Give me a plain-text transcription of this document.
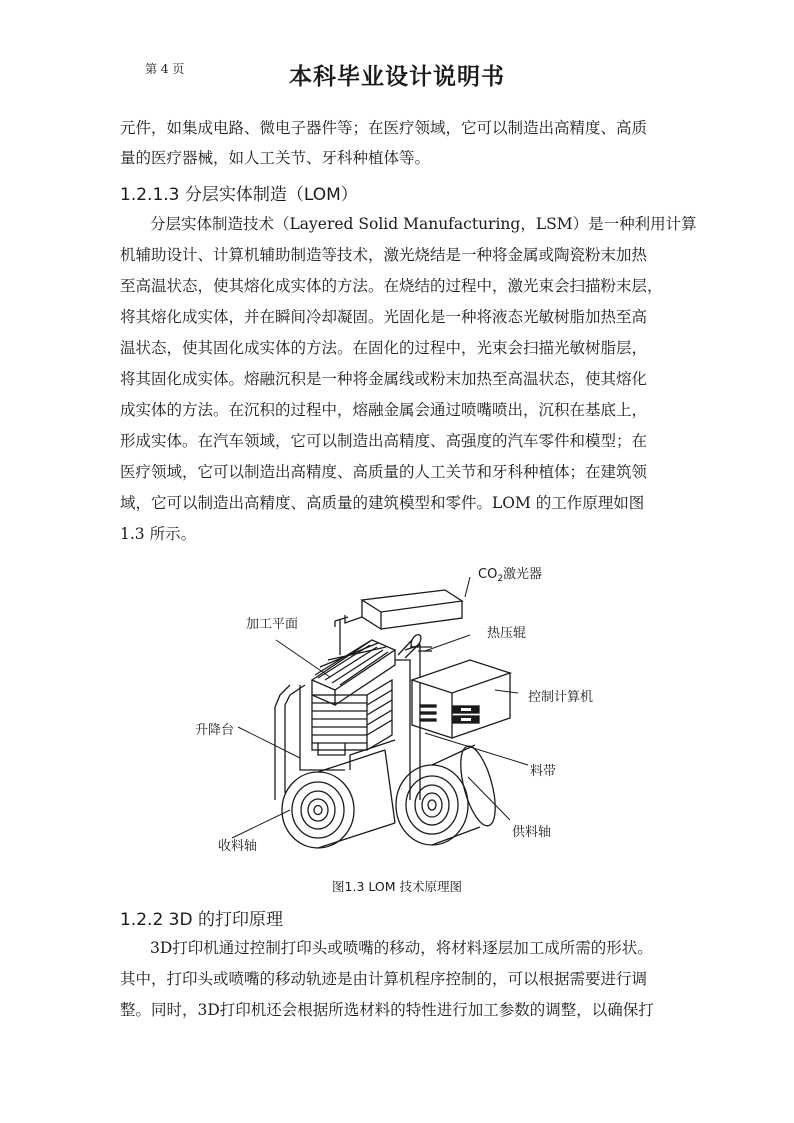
第 4 页	本科毕业设计说明书
元件，如集成电路、微电子器件等；在医疗领域，它可以制造出高精度、高质
量的医疗器械，如人工关节、牙科种植体等。
1.2.1.3 分层实体制造（LOM）
分层实体制造技术（Layered Solid Manufacturing，LSM）是一种利用计算
机辅助设计、计算机辅助制造等技术，激光烧结是一种将金属或陶瓷粉末加热
至高温状态，使其熔化成实体的方法。在烧结的过程中，激光束会扫描粉末层，
将其熔化成实体，并在瞬间冷却凝固。光固化是一种将液态光敏树脂加热至高
温状态，使其固化成实体的方法。在固化的过程中，光束会扫描光敏树脂层，
将其固化成实体。熔融沉积是一种将金属线或粉末加热至高温状态，使其熔化
成实体的方法。在沉积的过程中，熔融金属会通过喷嘴喷出，沉积在基底上，
形成实体。在汽车领域，它可以制造出高精度、高强度的汽车零件和模型；在
医疗领域，它可以制造出高精度、高质量的人工关节和牙科种植体；在建筑领
域，它可以制造出高精度、高质量的建筑模型和零件。LOM 的工作原理如图
1.3 所示。
$CO_2$激光器
加工平面
热压辊
控制计算机
升降台
料带
供料轴
收料轴
图1.3 LOM 技术原理图
1.2.2 3D 的打印原理
3D打印机通过控制打印头或喷嘴的移动，将材料逐层加工成所需的形状。
其中，打印头或喷嘴的移动轨迹是由计算机程序控制的，可以根据需要进行调
整。同时，3D打印机还会根据所选材料的特性进行加工参数的调整，以确保打
